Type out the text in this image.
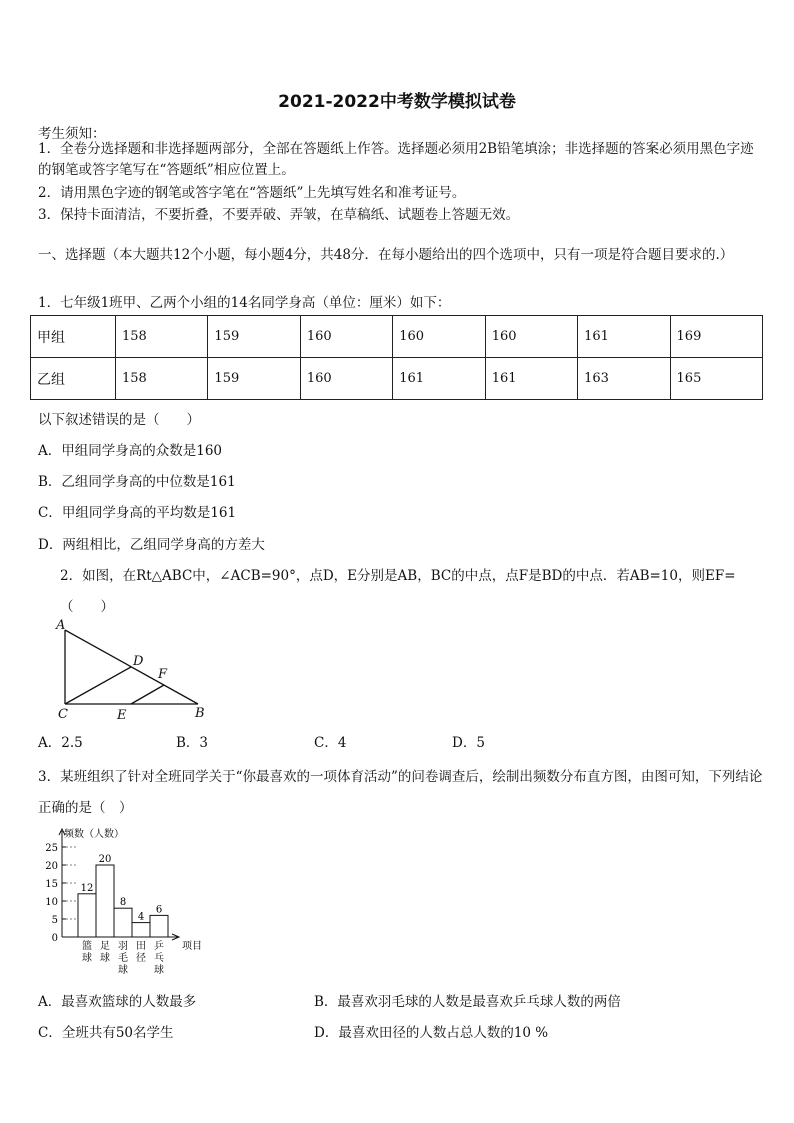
2021-2022中考数学模拟试卷
考生须知：
1．全卷分选择题和非选择题两部分，全部在答题纸上作答。选择题必须用2B铅笔填涂；非选择题的答案必须用黑色字迹的钢笔或答字笔写在“答题纸”相应位置上。
2．请用黑色字迹的钢笔或答字笔在“答题纸”上先填写姓名和准考证号。
3．保持卡面清洁，不要折叠，不要弄破、弄皱，在草稿纸、试题卷上答题无效。
一、选择题（本大题共12个小题，每小题4分，共48分．在每小题给出的四个选项中，只有一项是符合题目要求的.）
1．七年级1班甲、乙两个小组的14名同学身高（单位：厘米）如下：
甲组	158	159	160	160	160	161	169
乙组	158	159	160	161	161	163	165
以下叙述错误的是（　　）
A．甲组同学身高的众数是160
B．乙组同学身高的中位数是161
C．甲组同学身高的平均数是161
D．两组相比，乙组同学身高的方差大
2．如图，在Rt△ABC中，∠ACB=90°，点D，E分别是AB，BC的中点，点F是BD的中点．若AB=10，则EF=
（　　）
A
D
F
C	E	B
A．2.5	B．3	C．4	D．5
3．某班组织了针对全班同学关于“你最喜欢的一项体育活动”的问卷调查后，绘制出频数分布直方图，由图可知，下列结论正确的是（　）
频数（人数）
项目
0
5
10
15
20
25
12
篮
球
20
足
球
8
羽
毛
球
4
田
径
6
乒
乓
球
A．最喜欢篮球的人数最多	B．最喜欢羽毛球的人数是最喜欢乒乓球人数的两倍
C．全班共有50名学生	D．最喜欢田径的人数占总人数的10 %
